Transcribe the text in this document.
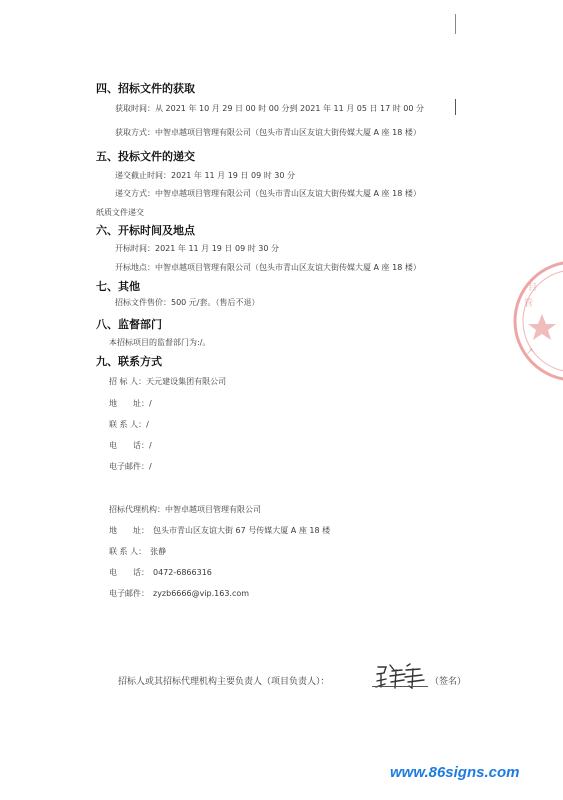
四、招标文件的获取
获取时间：从 2021 年 10 月 29 日 00 时 00 分到 2021 年 11 月 05 日 17 时 00 分
获取方式：中智卓越项目管理有限公司（包头市青山区友谊大街传媒大厦 A 座 18 楼）
五、投标文件的递交
递交截止时间：2021 年 11 月 19 日 09 时 30 分
递交方式：中智卓越项目管理有限公司（包头市青山区友谊大街传媒大厦 A 座 18 楼）
纸质文件递交
六、开标时间及地点
开标时间：2021 年 11 月 19 日 09 时 30 分
开标地点：中智卓越项目管理有限公司（包头市青山区友谊大街传媒大厦 A 座 18 楼）
七、其他
招标文件售价：500 元/套。（售后不退）
八、监督部门
本招标项目的监督部门为:/。
九、联系方式
招 标 人：天元建设集团有限公司
地　　址：/
联 系 人：/
电　　话：/
电子邮件：/
招标代理机构：中智卓越项目管理有限公司
地　　址：　包头市青山区友谊大街 67 号传媒大厦 A 座 18 楼
联 系 人：　张静
电　　话：　0472-6866316
电子邮件：　zyzb6666@vip.163.com
招标人或其招标代理机构主要负责人（项目负责人）：	（签名）
目
管
↗
www.86signs.com
